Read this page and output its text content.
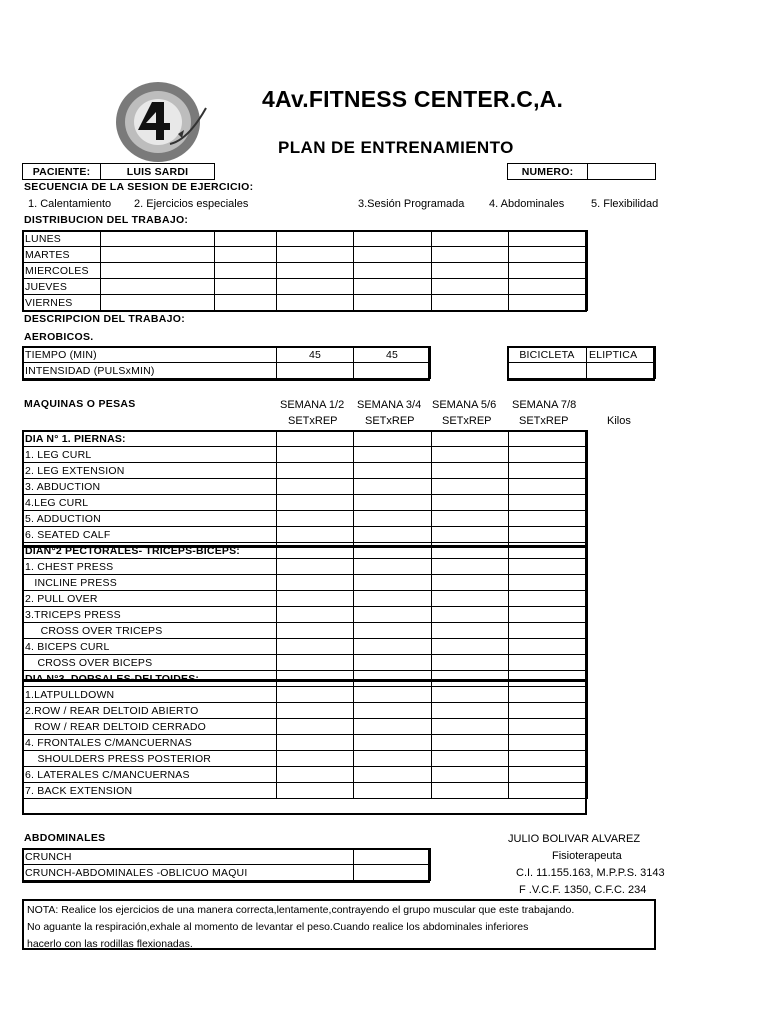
4Av.FITNESS CENTER.C,A.
PLAN DE ENTRENAMIENTO
PACIENTE:	LUIS SARDI	NUMERO:	
SECUENCIA DE LA SESION DE EJERCICIO:
1. Calentamiento 2. Ejercicios especiales	3.Sesión Programada 4. Abdominales 5. Flexibilidad
DISTRIBUCION DEL TRABAJO:
LUNES						
MARTES						
MIERCOLES						
JUEVES						
VIERNES						
DESCRIPCION DEL TRABAJO:
AEROBICOS.
TIEMPO (MIN)	45	45
INTENSIDAD (PULSxMIN)		
BICICLETA	ELIPTICA

MAQUINAS O PESAS	SEMANA 1/2 SEMANA 3/4 SEMANA 5/6 SEMANA 7/8
SETxREP SETxREP SETxREP SETxREP	Kilos
DIA N° 1. PIERNAS:				
1. LEG CURL				
2. LEG EXTENSION				
3. ABDUCTION				
4.LEG CURL				
5. ADDUCTION				
6. SEATED CALF				
DIAN°2 PECTORALES- TRICEPS-BICEPS:				
1. CHEST PRESS				
INCLINE PRESS				
2. PULL OVER				
3.TRICEPS PRESS				
CROSS OVER TRICEPS				
4. BICEPS CURL				
CROSS OVER BICEPS				
DIA N°3. DORSALES-DELTOIDES:				
1.LATPULLDOWN				
2.ROW / REAR DELTOID ABIERTO				
ROW / REAR DELTOID CERRADO				
4. FRONTALES C/MANCUERNAS				
SHOULDERS PRESS POSTERIOR				
6. LATERALES C/MANCUERNAS				
7. BACK EXTENSION				
ABDOMINALES
CRUNCH	
CRUNCH-ABDOMINALES -OBLICUO MAQUI	
JULIO BOLIVAR ALVAREZ
Fisioterapeuta
C.I. 11.155.163, M.P.P.S. 3143
F .V.C.F. 1350, C.F.C. 234
NOTA: Realice los ejercicios de una manera correcta,lentamente,contrayendo el grupo muscular que este trabajando.
No aguante la respiración,exhale al momento de levantar el peso.Cuando realice los abdominales inferiores
hacerlo con las rodillas flexionadas.
